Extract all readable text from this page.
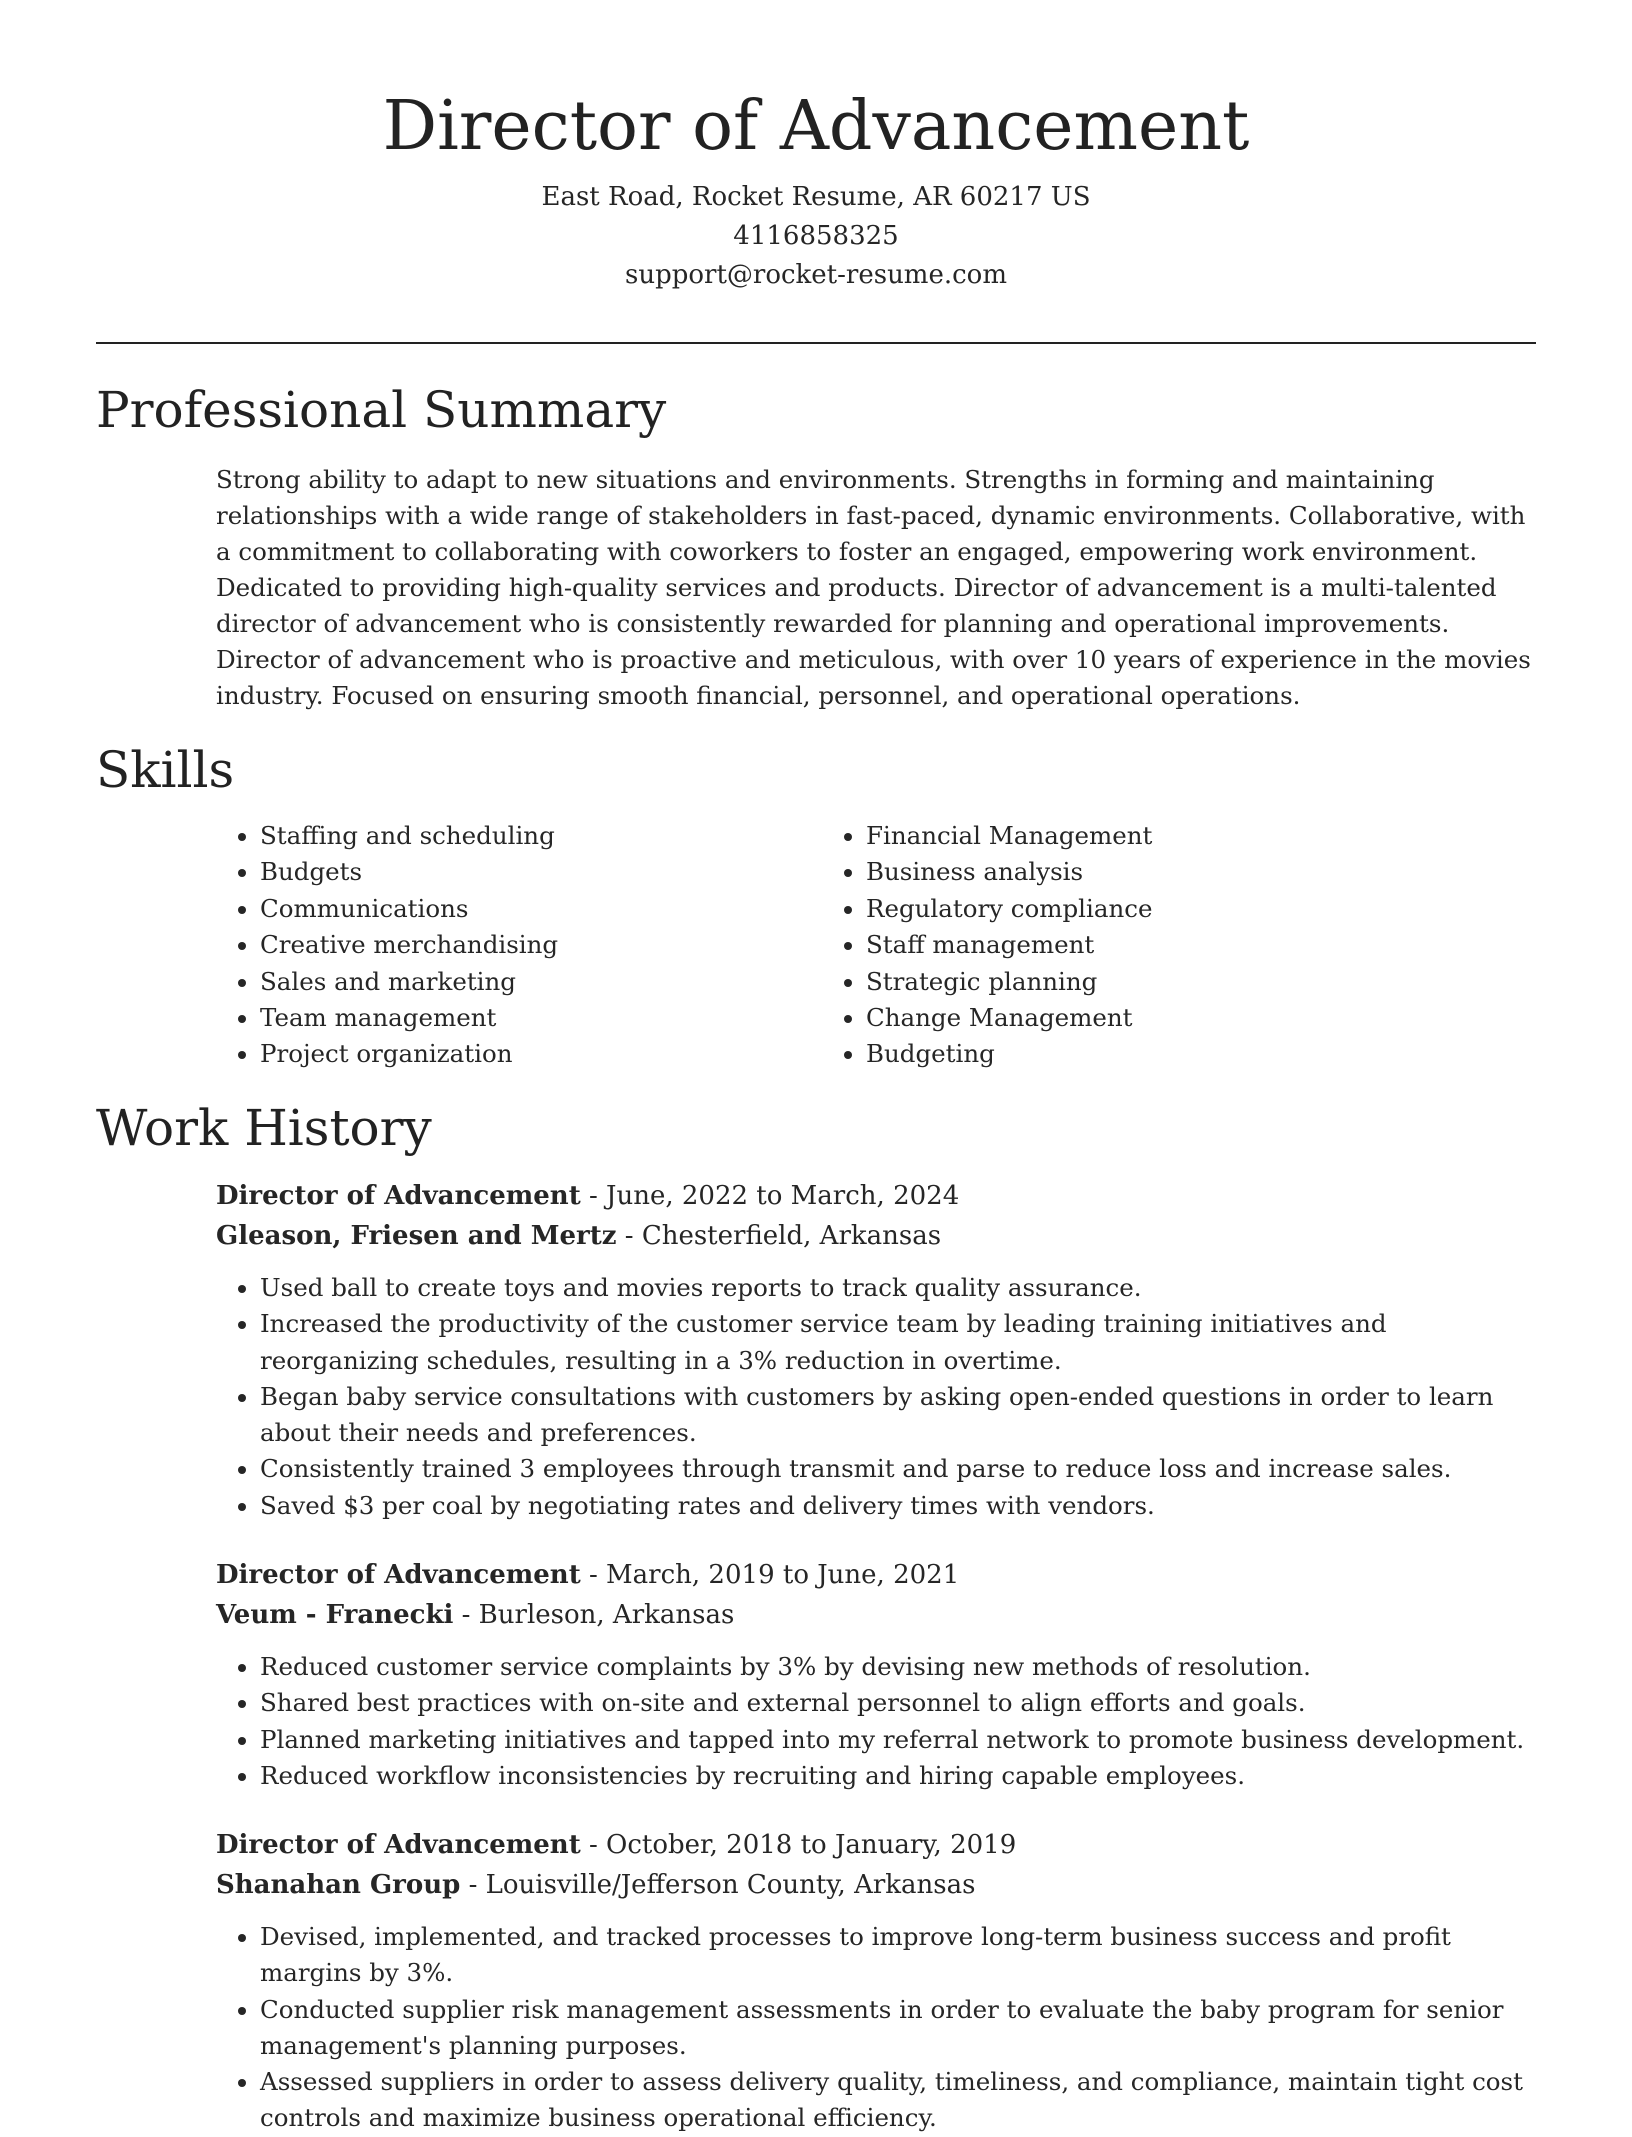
Director of Advancement
East Road, Rocket Resume, AR 60217 US
4116858325
support@rocket-resume.com
Professional Summary

Strong ability to adapt to new situations and environments. Strengths in forming and maintaining relationships with a wide range of stakeholders in fast-paced, dynamic environments. Collaborative, with a commitment to collaborating with coworkers to foster an engaged, empowering work environment. Dedicated to providing high-quality services and products. Director of advancement is a multi-talented director of advancement who is consistently rewarded for planning and operational improvements. Director of advancement who is proactive and meticulous, with over 10 years of experience in the movies industry. Focused on ensuring smooth financial, personnel, and operational operations.

Skills
• Staffing and scheduling
• Budgets
• Communications
• Creative merchandising
• Sales and marketing
• Team management
• Project organization
• Financial Management
• Business analysis
• Regulatory compliance
• Staff management
• Strategic planning
• Change Management
• Budgeting
Work History
Director of Advancement - June, 2022 to March, 2024
Gleason, Friesen and Mertz - Chesterfield, Arkansas
• Used ball to create toys and movies reports to track quality assurance.
• Increased the productivity of the customer service team by leading training initiatives and reorganizing schedules, resulting in a 3% reduction in overtime.
• Began baby service consultations with customers by asking open-ended questions in order to learn about their needs and preferences.
• Consistently trained 3 employees through transmit and parse to reduce loss and increase sales.
• Saved $3 per coal by negotiating rates and delivery times with vendors.
Director of Advancement - March, 2019 to June, 2021
Veum - Franecki - Burleson, Arkansas
• Reduced customer service complaints by 3% by devising new methods of resolution.
• Shared best practices with on-site and external personnel to align efforts and goals.
• Planned marketing initiatives and tapped into my referral network to promote business development.
• Reduced workflow inconsistencies by recruiting and hiring capable employees.
Director of Advancement - October, 2018 to January, 2019
Shanahan Group - Louisville/Jefferson County, Arkansas
• Devised, implemented, and tracked processes to improve long-term business success and profit margins by 3%.
• Conducted supplier risk management assessments in order to evaluate the baby program for senior management's planning purposes.
• Assessed suppliers in order to assess delivery quality, timeliness, and compliance, maintain tight cost controls and maximize business operational efficiency.
